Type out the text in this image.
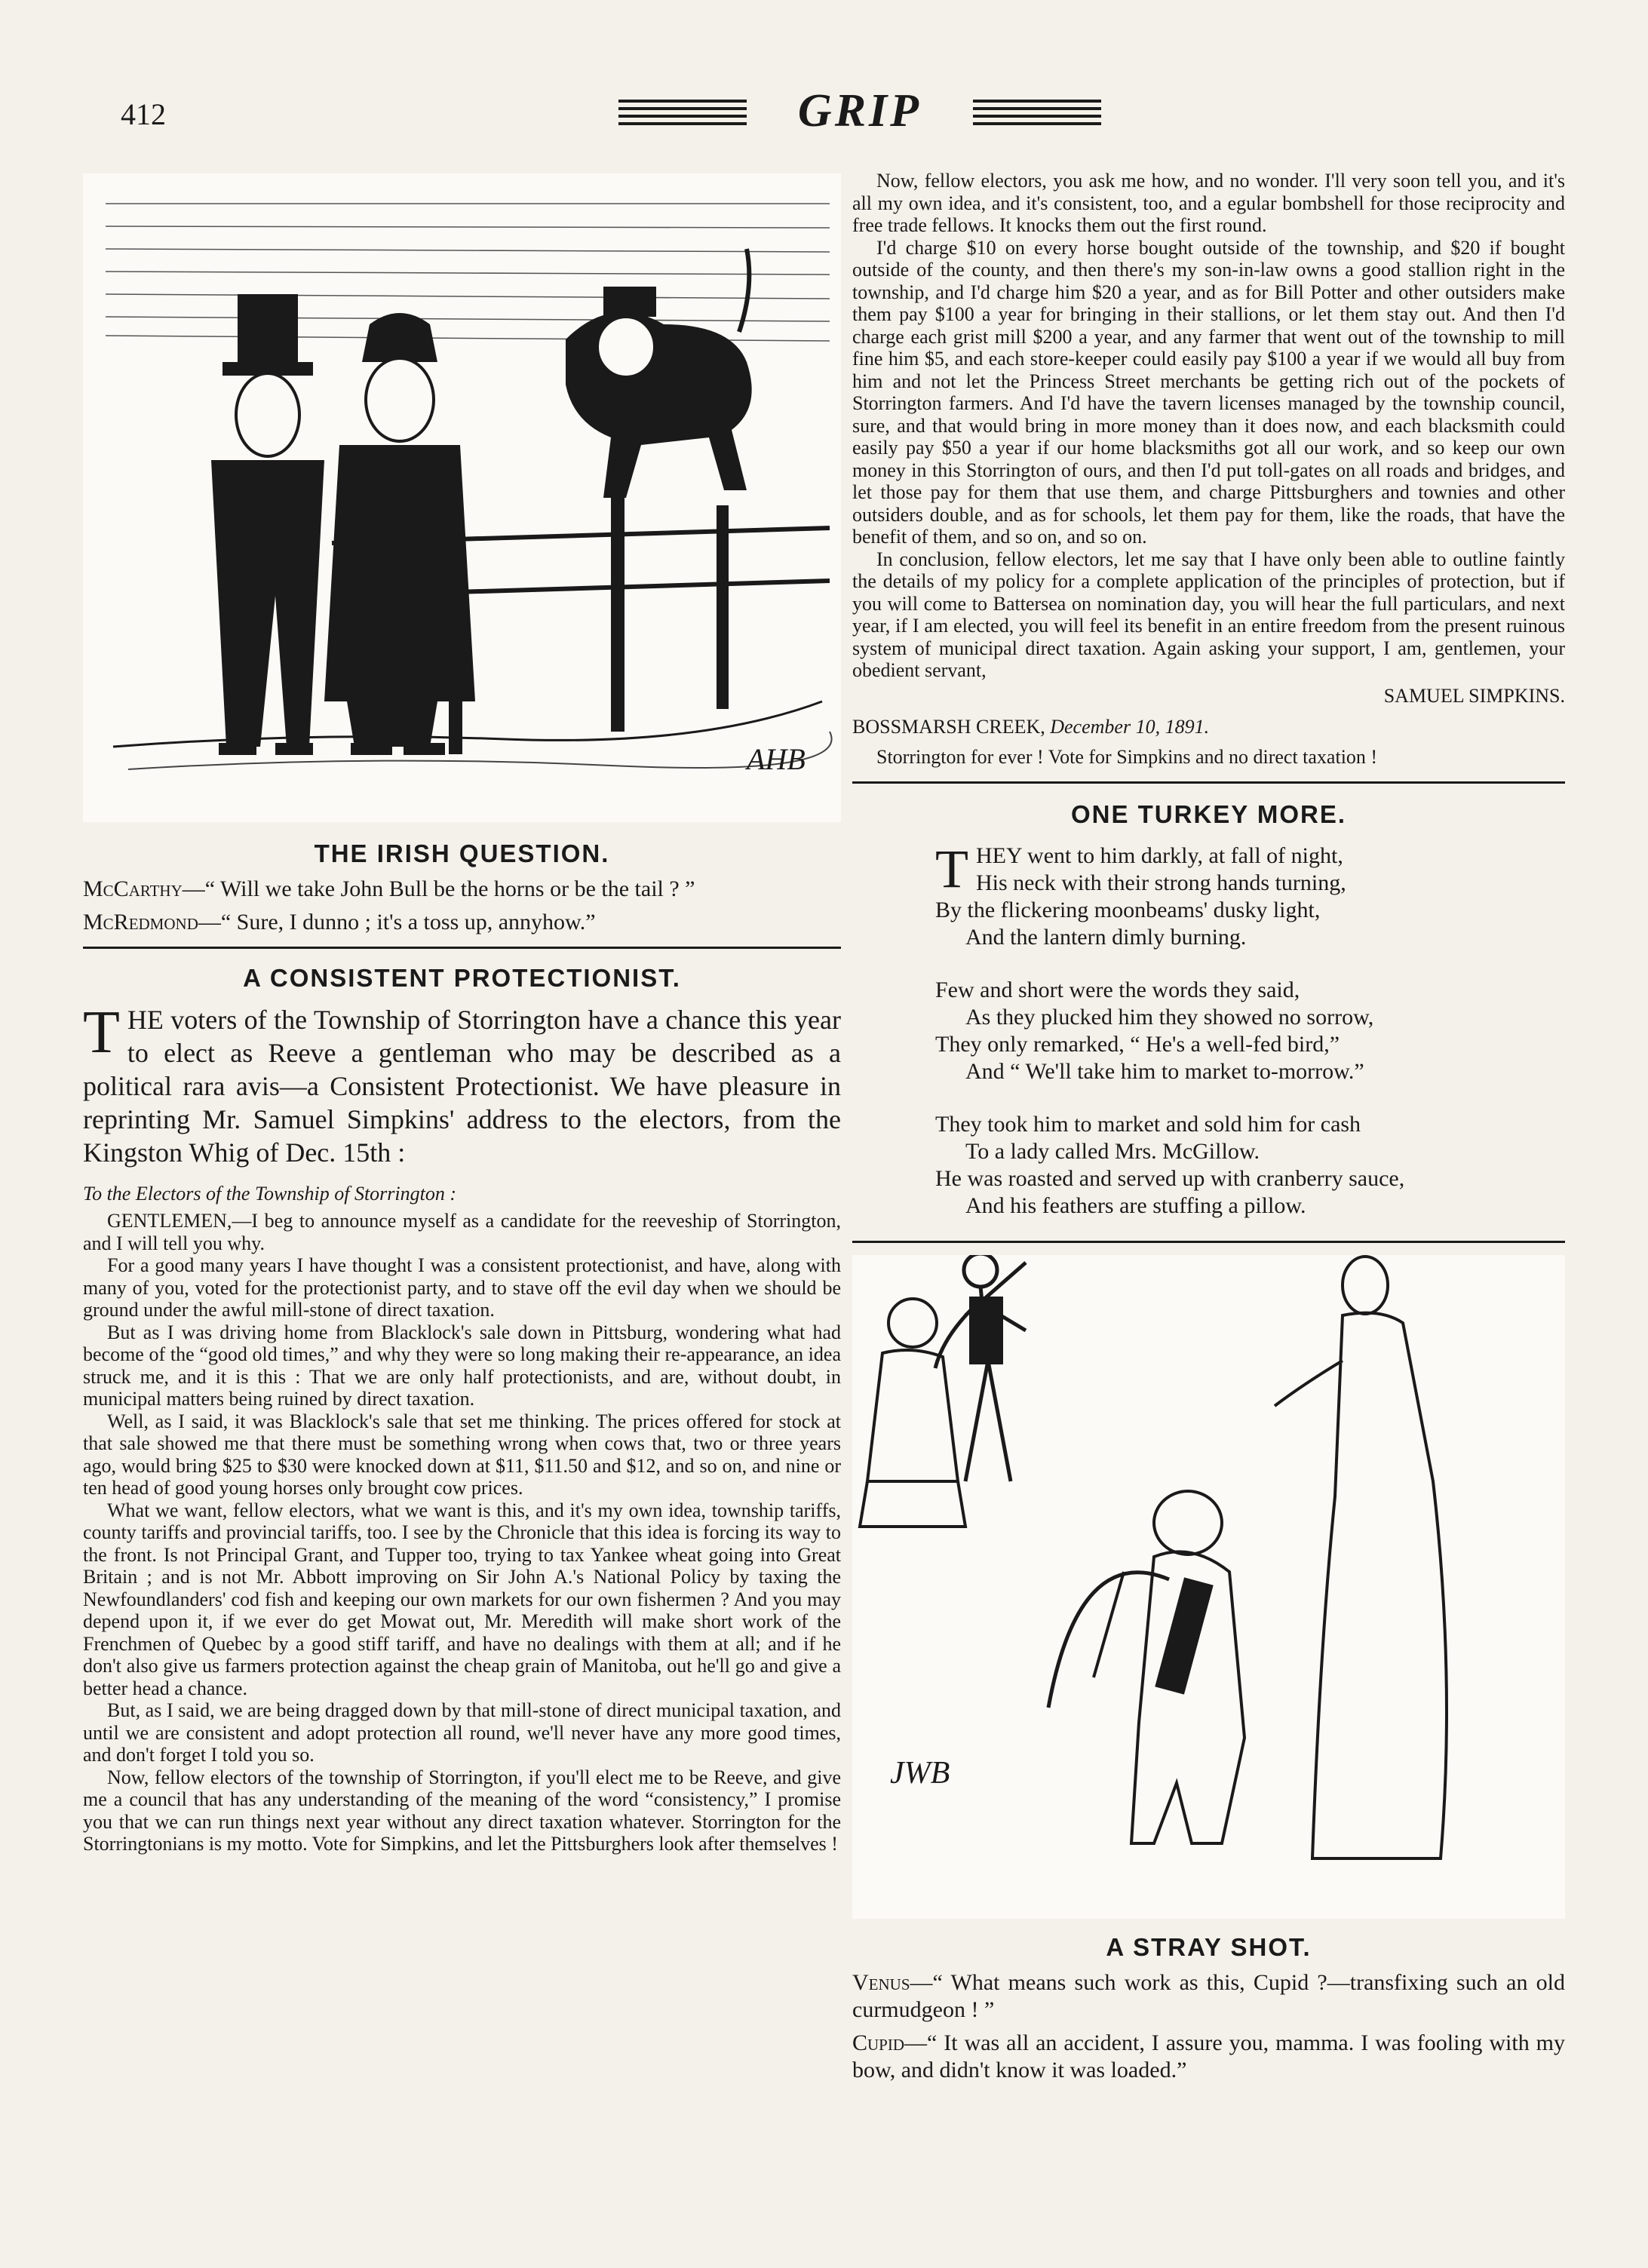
412	GRIP
AHB
THE IRISH QUESTION.
McCarthy—“ Will we take John Bull be the horns or be the tail ? ”
McRedmond—“ Sure, I dunno ; it's a toss up, annyhow.”
A CONSISTENT PROTECTIONIST.
THE voters of the Township of Storrington have a chance this year to elect as Reeve a gentleman who may be described as a political rara avis—a Consistent Protectionist. We have pleasure in reprinting Mr. Samuel Simpkins' address to the electors, from the Kingston Whig of Dec. 15th :
To the Electors of the Township of Storrington :

GENTLEMEN,—I beg to announce myself as a candidate for the reeveship of Storrington, and I will tell you why.

For a good many years I have thought I was a consistent protectionist, and have, along with many of you, voted for the protectionist party, and to stave off the evil day when we should be ground under the awful mill-stone of direct taxation.

But as I was driving home from Blacklock's sale down in Pittsburg, wondering what had become of the “good old times,” and why they were so long making their re-appearance, an idea struck me, and it is this : That we are only half protectionists, and are, without doubt, in municipal matters being ruined by direct taxation.

Well, as I said, it was Blacklock's sale that set me thinking. The prices offered for stock at that sale showed me that there must be something wrong when cows that, two or three years ago, would bring $25 to $30 were knocked down at $11, $11.50 and $12, and so on, and nine or ten head of good young horses only brought cow prices.

What we want, fellow electors, what we want is this, and it's my own idea, township tariffs, county tariffs and provincial tariffs, too. I see by the Chronicle that this idea is forcing its way to the front. Is not Principal Grant, and Tupper too, trying to tax Yankee wheat going into Great Britain ; and is not Mr. Abbott improving on Sir John A.'s National Policy by taxing the Newfoundlanders' cod fish and keeping our own markets for our own fishermen ? And you may depend upon it, if we ever do get Mowat out, Mr. Meredith will make short work of the Frenchmen of Quebec by a good stiff tariff, and have no dealings with them at all; and if he don't also give us farmers protection against the cheap grain of Manitoba, out he'll go and give a better head a chance.

But, as I said, we are being dragged down by that mill-stone of direct municipal taxation, and until we are consistent and adopt protection all round, we'll never have any more good times, and don't forget I told you so.

Now, fellow electors of the township of Storrington, if you'll elect me to be Reeve, and give me a council that has any understanding of the meaning of the word “consistency,” I promise you that we can run things next year without any direct taxation whatever. Storrington for the Storringtonians is my motto. Vote for Simpkins, and let the Pittsburghers look after themselves !

Now, fellow electors, you ask me how, and no wonder. I'll very soon tell you, and it's all my own idea, and it's consistent, too, and a egular bombshell for those reciprocity and free trade fellows. It knocks them out the first round.

I'd charge $10 on every horse bought outside of the township, and $20 if bought outside of the county, and then there's my son-in-law owns a good stallion right in the township, and I'd charge him $20 a year, and as for Bill Potter and other outsiders make them pay $100 a year for bringing in their stallions, or let them stay out. And then I'd charge each grist mill $200 a year, and any farmer that went out of the township to mill fine him $5, and each store-keeper could easily pay $100 a year if we would all buy from him and not let the Princess Street merchants be getting rich out of the pockets of Storrington farmers. And I'd have the tavern licenses managed by the township council, sure, and that would bring in more money than it does now, and each blacksmith could easily pay $50 a year if our home blacksmiths got all our work, and so keep our own money in this Storrington of ours, and then I'd put toll-gates on all roads and bridges, and let those pay for them that use them, and charge Pittsburghers and townies and other outsiders double, and as for schools, let them pay for them, like the roads, that have the benefit of them, and so on, and so on.

In conclusion, fellow electors, let me say that I have only been able to outline faintly the details of my policy for a complete application of the principles of protection, but if you will come to Battersea on nomination day, you will hear the full particulars, and next year, if I am elected, you will feel its benefit in an entire freedom from the present ruinous system of municipal direct taxation. Again asking your support, I am, gentlemen, your obedient servant,

SAMUEL SIMPKINS.
BOSSMARSH CREEK, December 10, 1891.
Storrington for ever ! Vote for Simpkins and no direct taxation !
ONE TURKEY MORE.
THEY went to him darkly, at fall of night,
His neck with their strong hands turning,
By the flickering moonbeams' dusky light,
And the lantern dimly burning.
Few and short were the words they said,
As they plucked him they showed no sorrow,
They only remarked, “ He's a well-fed bird,”
And “ We'll take him to market to-morrow.”
They took him to market and sold him for cash
To a lady called Mrs. McGillow.
He was roasted and served up with cranberry sauce,
And his feathers are stuffing a pillow.
JWB
A STRAY SHOT.
Venus—“ What means such work as this, Cupid ?—transfixing such an old curmudgeon ! ”
Cupid—“ It was all an accident, I assure you, mamma. I was fooling with my bow, and didn't know it was loaded.”
